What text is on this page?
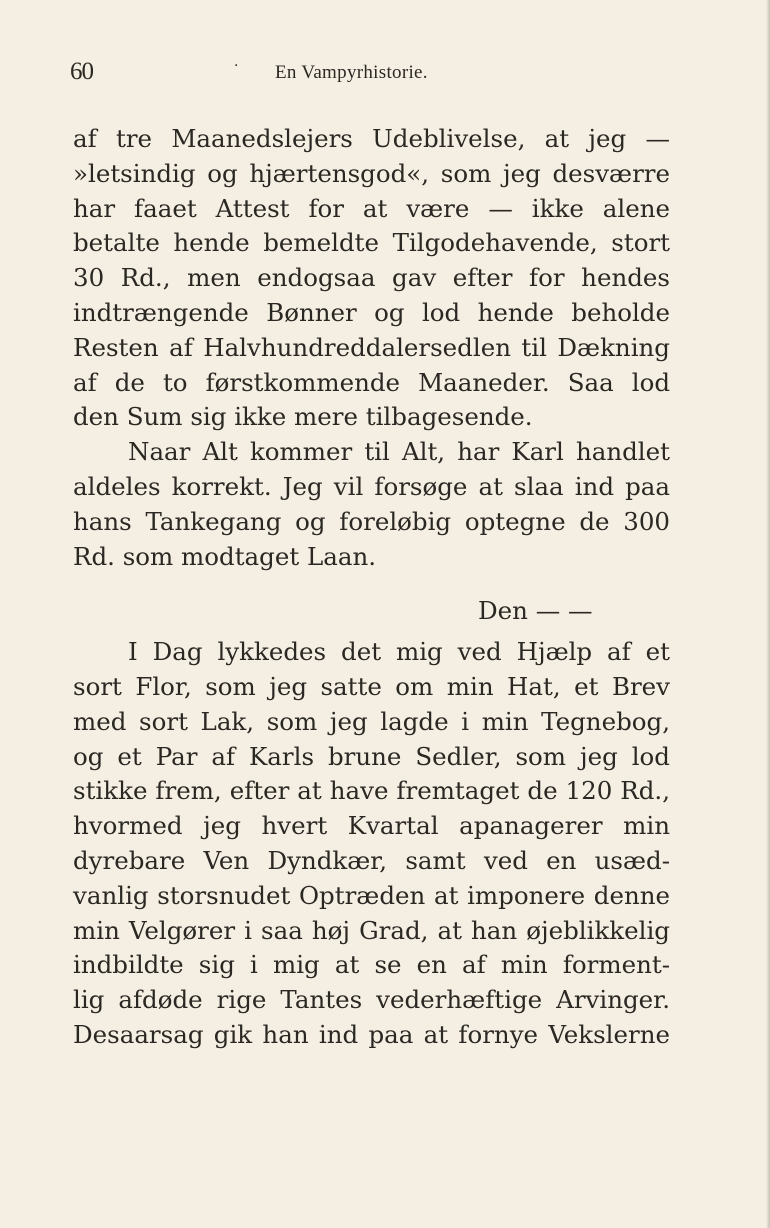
60	· En Vampyrhistorie.
af tre Maanedslejers Udeblivelse, at jeg —
»letsindig og hjærtensgod«, som jeg desværre
har faaet Attest for at være — ikke alene
betalte hende bemeldte Tilgodehavende, stort
30 Rd., men endogsaa gav efter for hendes
indtrængende Bønner og lod hende beholde
Resten af Halvhundreddalersedlen til Dækning
af de to førstkommende Maaneder. Saa lod
den Sum sig ikke mere tilbagesende.
Naar Alt kommer til Alt, har Karl handlet
aldeles korrekt. Jeg vil forsøge at slaa ind paa
hans Tankegang og foreløbig optegne de 300
Rd. som modtaget Laan.
Den — —
I Dag lykkedes det mig ved Hjælp af et
sort Flor, som jeg satte om min Hat, et Brev
med sort Lak, som jeg lagde i min Tegnebog,
og et Par af Karls brune Sedler, som jeg lod
stikke frem, efter at have fremtaget de 120 Rd.,
hvormed jeg hvert Kvartal apanagerer min
dyrebare Ven Dyndkær, samt ved en usæd-
vanlig storsnudet Optræden at imponere denne
min Velgører i saa høj Grad, at han øjeblikkelig
indbildte sig i mig at se en af min forment-
lig afdøde rige Tantes vederhæftige Arvinger.
Desaarsag gik han ind paa at fornye Vekslerne
